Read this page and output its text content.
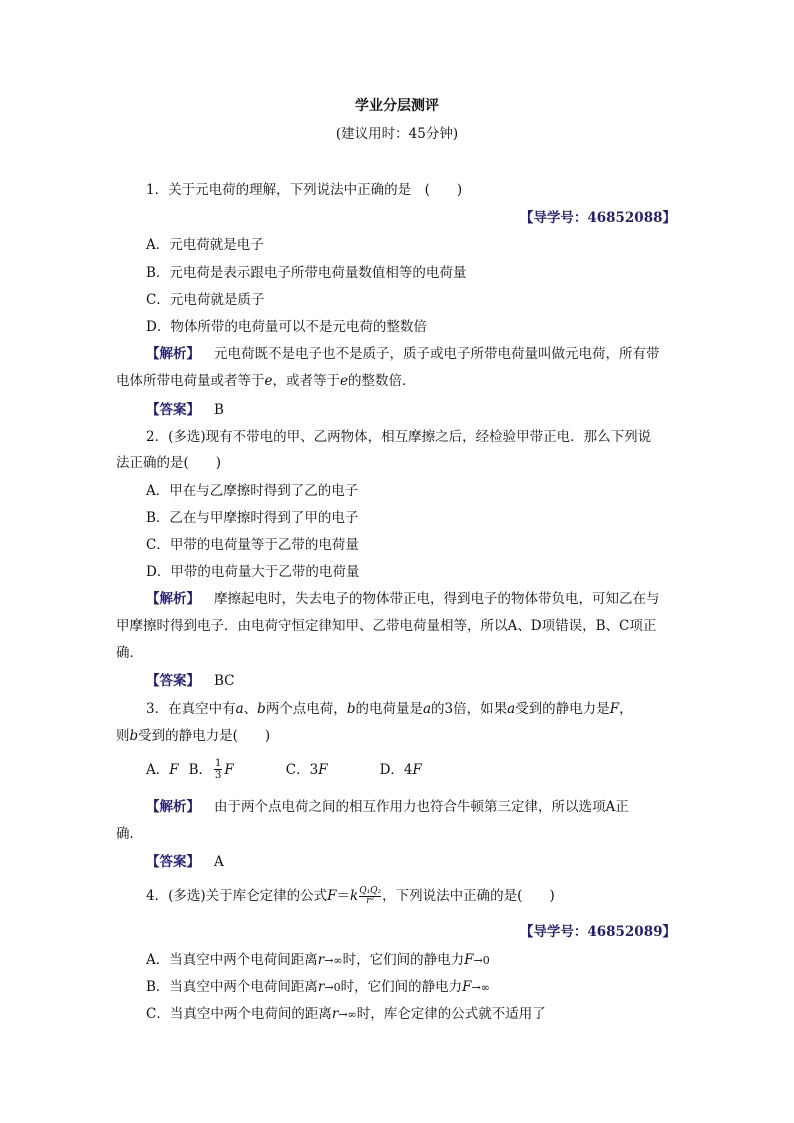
学业分层测评
(建议用时：45分钟)
1．关于元电荷的理解，下列说法中正确的是　(　　)
【导学号：46852088】
A．元电荷就是电子
B．元电荷是表示跟电子所带电荷量数值相等的电荷量
C．元电荷就是质子
D．物体所带的电荷量可以不是元电荷的整数倍
【解析】 元电荷既不是电子也不是质子，质子或电子所带电荷量叫做元电荷，所有带
电体所带电荷量或者等于e，或者等于e的整数倍．
【答案】 B
2．(多选)现有不带电的甲、乙两物体，相互摩擦之后，经检验甲带正电．那么下列说
法正确的是(　　)
A．甲在与乙摩擦时得到了乙的电子
B．乙在与甲摩擦时得到了甲的电子
C．甲带的电荷量等于乙带的电荷量
D．甲带的电荷量大于乙带的电荷量
【解析】 摩擦起电时，失去电子的物体带正电，得到电子的物体带负电，可知乙在与
甲摩擦时得到电子．由电荷守恒定律知甲、乙带电荷量相等，所以A、D项错误，B、C项正
确．
【答案】 BC
3．在真空中有a、b两个点电荷，b的电荷量是a的3倍，如果a受到的静电力是F，
则b受到的静电力是(　　)
A．F B． $\frac{1}{3}$ F	C．3F	D．4F
【解析】 由于两个点电荷之间的相互作用力也符合牛顿第三定律，所以选项A正
确．
【答案】 A
4．(多选)关于库仑定律的公式$F=k \frac{\text{Q₁Q₂}}{\text{r²}}$ ，下列说法中正确的是(　　)
【导学号：46852089】
A．当真空中两个电荷间距离r→∞时，它们间的静电力F→0
B．当真空中两个电荷间距离r→0时，它们间的静电力F→∞
C．当真空中两个电荷间的距离r→∞时，库仑定律的公式就不适用了
